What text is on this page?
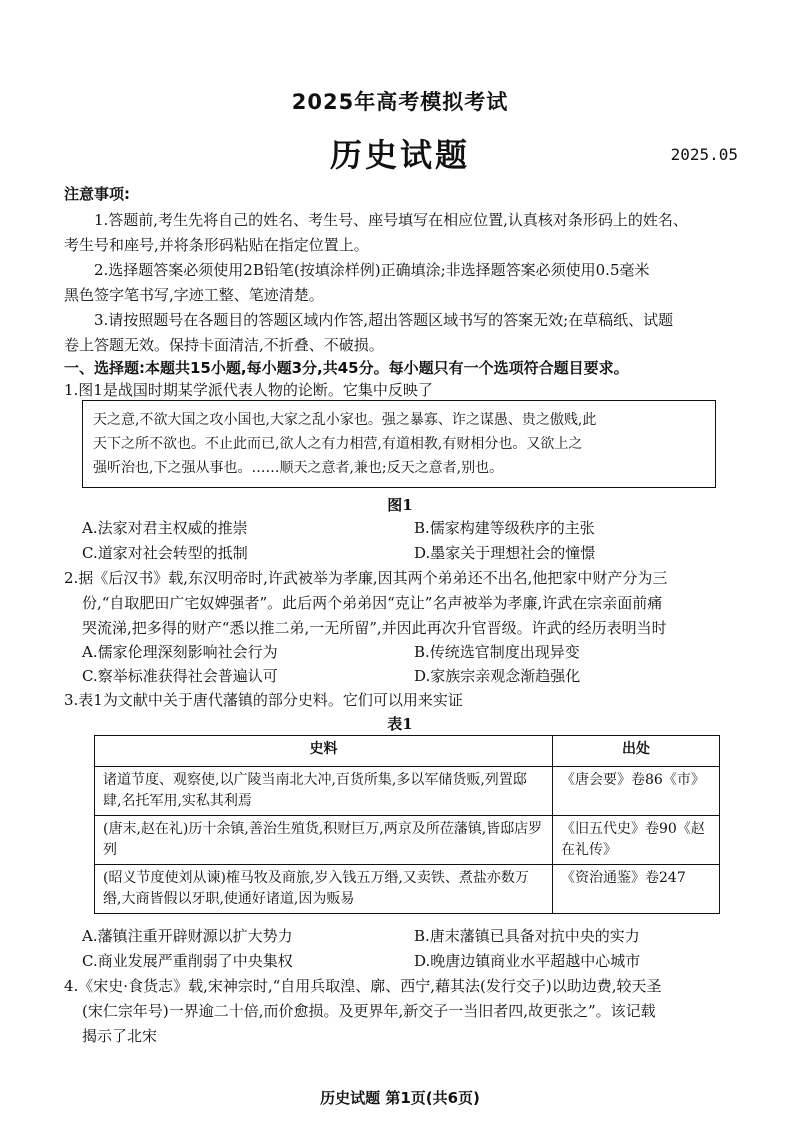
2025年高考模拟考试
历史试题	2025.05
注意事项:
1.答题前,考生先将自己的姓名、考生号、座号填写在相应位置,认真核对条形码上的姓名、
考生号和座号,并将条形码粘贴在指定位置上。
2.选择题答案必须使用2B铅笔(按填涂样例)正确填涂;非选择题答案必须使用0.5毫米
黑色签字笔书写,字迹工整、笔迹清楚。
3.请按照题号在各题目的答题区域内作答,超出答题区域书写的答案无效;在草稿纸、试题
卷上答题无效。保持卡面清洁,不折叠、不破损。
一、选择题:本题共15小题,每小题3分,共45分。每小题只有一个选项符合题目要求。
1.图1是战国时期某学派代表人物的论断。它集中反映了
天之意,不欲大国之攻小国也,大家之乱小家也。强之暴寡、诈之谋愚、贵之傲贱,此
天下之所不欲也。不止此而已,欲人之有力相营,有道相教,有财相分也。又欲上之
强听治也,下之强从事也。……顺天之意者,兼也;反天之意者,别也。
图1
A.法家对君主权威的推崇	B.儒家构建等级秩序的主张
C.道家对社会转型的抵制	D.墨家关于理想社会的憧憬
2.据《后汉书》载,东汉明帝时,许武被举为孝廉,因其两个弟弟还不出名,他把家中财产分为三
份,“自取肥田广宅奴婢强者”。此后两个弟弟因“克让”名声被举为孝廉,许武在宗亲面前痛
哭流涕,把多得的财产“悉以推二弟,一无所留”,并因此再次升官晋级。许武的经历表明当时
A.儒家伦理深刻影响社会行为	B.传统选官制度出现异变
C.察举标准获得社会普遍认可	D.家族宗亲观念渐趋强化
3.表1为文献中关于唐代藩镇的部分史料。它们可以用来实证
表1
史料	出处
诸道节度、观察使,以广陵当南北大冲,百货所集,多以军储货贩,列置邸肆,名托军用,实私其利焉	《唐会要》卷86《市》
(唐末,赵在礼)历十余镇,善治生殖货,积财巨万,两京及所莅藩镇,皆邸店罗列	《旧五代史》卷90《赵在礼传》
(昭义节度使刘从谏)榷马牧及商旅,岁入钱五万缗,又卖铁、煮盐亦数万缗,大商皆假以牙职,使通好诸道,因为贩易	《资治通鉴》卷247
A.藩镇注重开辟财源以扩大势力	B.唐末藩镇已具备对抗中央的实力
C.商业发展严重削弱了中央集权	D.晚唐边镇商业水平超越中心城市
4.《宋史·食货志》载,宋神宗时,“自用兵取湟、廓、西宁,藉其法(发行交子)以助边费,较天圣
(宋仁宗年号)一界逾二十倍,而价愈损。及更界年,新交子一当旧者四,故更张之”。该记载
揭示了北宋
历史试题 第1页(共6页)
